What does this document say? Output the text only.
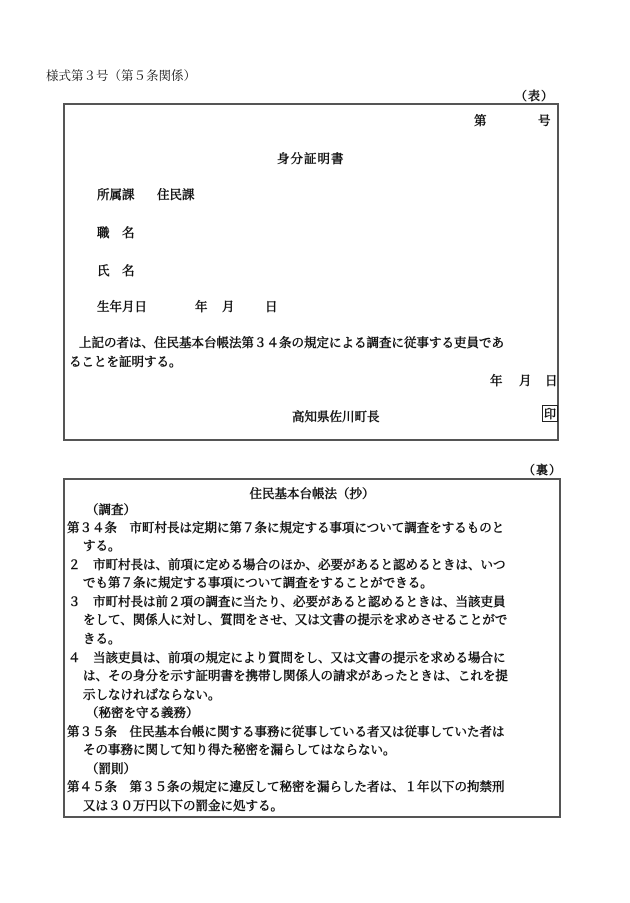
様式第３号（第５条関係）
（表）
第	号
身分証明書
所属課 住民課
職　名
氏　名
生年月日	年 月 日
上記の者は、住民基本台帳法第３４条の規定による調査に従事する吏員であ
ることを証明する。
年 月 日
高知県佐川町長	印
（裏）
住民基本台帳法（抄）
（調査）
第３４条　市町村長は定期に第７条に規定する事項について調査をするものと
する。
２　市町村長は、前項に定める場合のほか、必要があると認めるときは、いつ
でも第７条に規定する事項について調査をすることができる。
３　市町村長は前２項の調査に当たり、必要があると認めるときは、当該吏員
をして、関係人に対し、質問をさせ、又は文書の提示を求めさせることがで
きる。
４　当該吏員は、前項の規定により質問をし、又は文書の提示を求める場合に
は、その身分を示す証明書を携帯し関係人の請求があったときは、これを提
示しなければならない。
（秘密を守る義務）
第３５条　住民基本台帳に関する事務に従事している者又は従事していた者は
その事務に関して知り得た秘密を漏らしてはならない。
（罰則）
第４５条　第３５条の規定に違反して秘密を漏らした者は、１年以下の拘禁刑
又は３０万円以下の罰金に処する。
